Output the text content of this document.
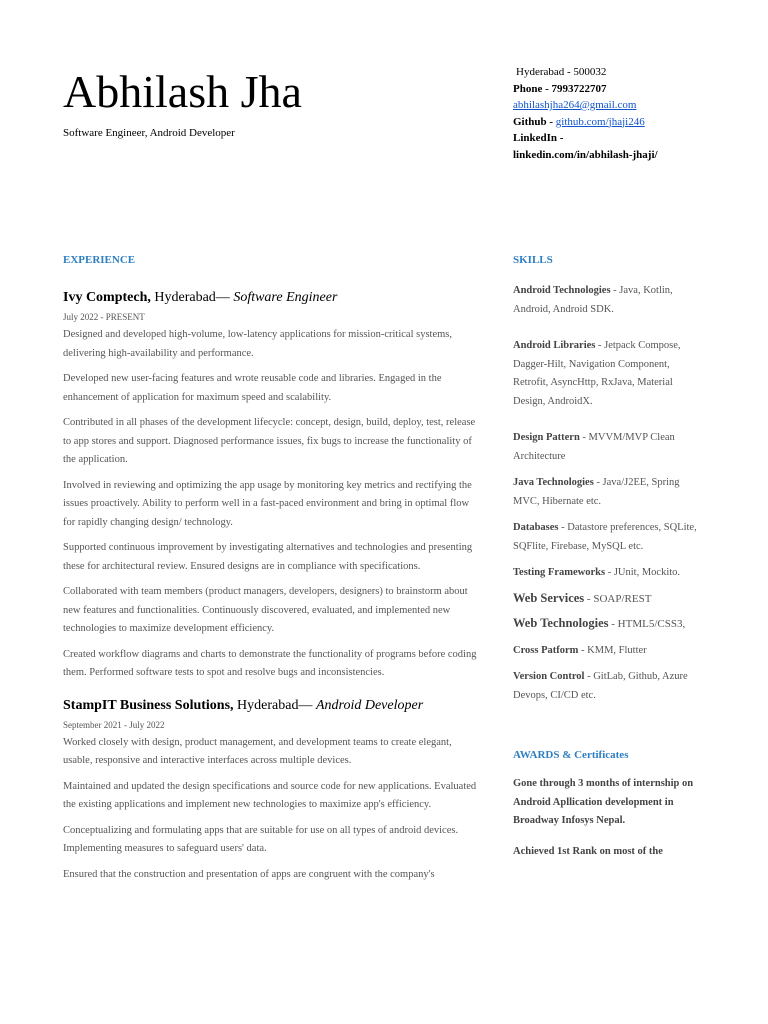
Abhilash Jha
Software Engineer, Android Developer
Hyderabad - 500032
Phone - 7993722707
abhilashjha264@gmail.com
Github - github.com/jhaji246
LinkedIn -
linkedin.com/in/abhilash-jhaji/
EXPERIENCE
Ivy Comptech, Hyderabad— Software Engineer
July 2022 - PRESENT
Designed and developed high-volume, low-latency applications for mission-critical systems, delivering high-availability and performance.
Developed new user-facing features and wrote reusable code and libraries. Engaged in the enhancement of application for maximum speed and scalability.
Contributed in all phases of the development lifecycle: concept, design, build, deploy, test, release to app stores and support. Diagnosed performance issues, fix bugs to increase the functionality of the application.
Involved in reviewing and optimizing the app usage by monitoring key metrics and rectifying the issues proactively. Ability to perform well in a fast-paced environment and bring in optimal flow for rapidly changing design/ technology.
Supported continuous improvement by investigating alternatives and technologies and presenting these for architectural review. Ensured designs are in compliance with specifications.
Collaborated with team members (product managers, developers, designers) to brainstorm about new features and functionalities. Continuously discovered, evaluated, and implemented new technologies to maximize development efficiency.
Created workflow diagrams and charts to demonstrate the functionality of programs before coding them. Performed software tests to spot and resolve bugs and inconsistencies.
StampIT Business Solutions, Hyderabad— Android Developer
September 2021 - July 2022
Worked closely with design, product management, and development teams to create elegant, usable, responsive and interactive interfaces across multiple devices.
Maintained and updated the design specifications and source code for new applications. Evaluated the existing applications and implement new technologies to maximize app's efficiency.
Conceptualizing and formulating apps that are suitable for use on all types of android devices. Implementing measures to safeguard users' data.
Ensured that the construction and presentation of apps are congruent with the company's
SKILLS
Android Technologies - Java, Kotlin, Android, Android SDK.
Android Libraries - Jetpack Compose, Dagger-Hilt, Navigation Component, Retrofit, AsyncHttp, RxJava, Material Design, AndroidX.
Design Pattern - MVVM/MVP Clean Architecture
Java Technologies - Java/J2EE, Spring MVC, Hibernate etc.
Databases - Datastore preferences, SQLite, SQFlite, Firebase, MySQL etc.
Testing Frameworks - JUnit, Mockito.
Web Services - SOAP/REST
Web Technologies - HTML5/CSS3,
Cross Patform - KMM, Flutter
Version Control - GitLab, Github, Azure Devops, CI/CD etc.
AWARDS & Certificates
Gone through 3 months of internship on Android Apllication development in Broadway Infosys Nepal.
Achieved 1st Rank on most of the
